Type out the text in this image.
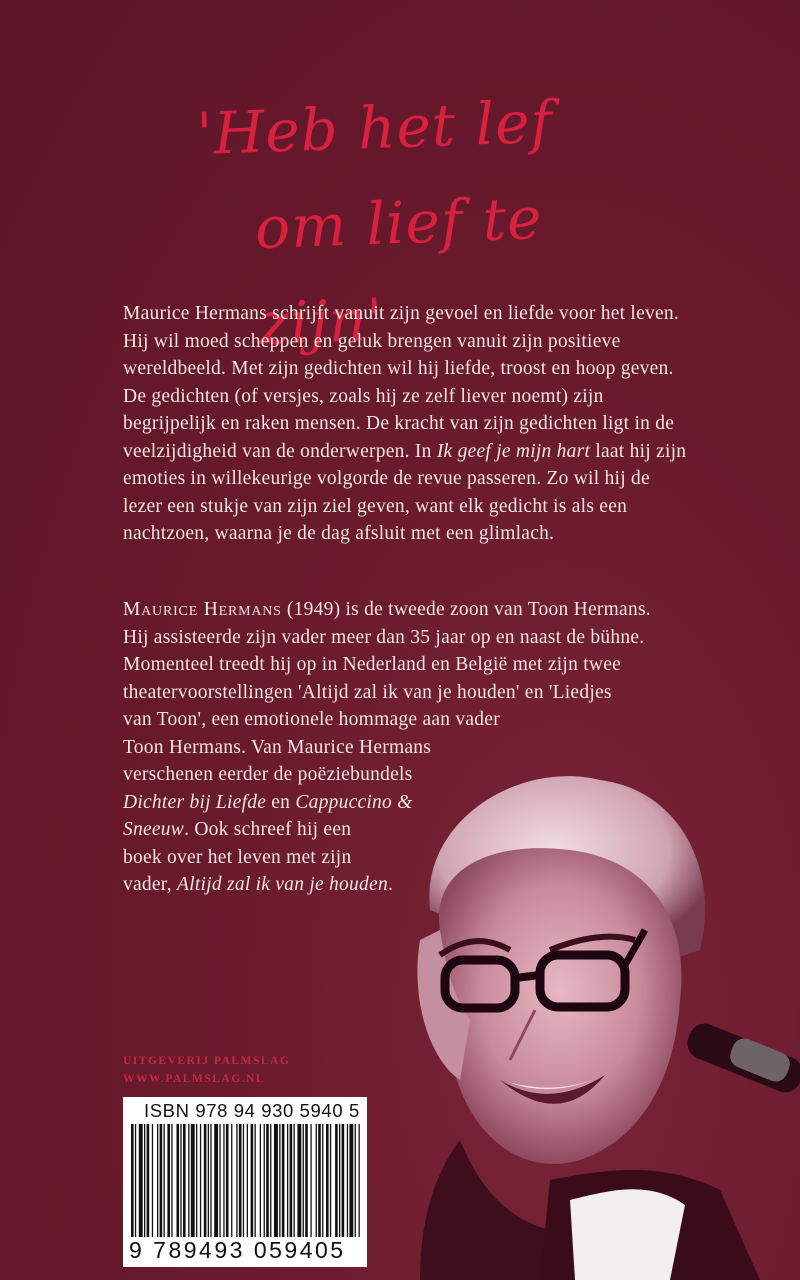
'Heb het lef
om lief te zijn'

Maurice Hermans schrijft vanuit zijn gevoel en liefde voor het leven. Hij wil moed scheppen en geluk brengen vanuit zijn positieve wereldbeeld. Met zijn gedichten wil hij liefde, troost en hoop geven. De gedichten (of versjes, zoals hij ze zelf liever noemt) zijn begrijpelijk en raken mensen. De kracht van zijn gedichten ligt in de veelzijdigheid van de onderwerpen. In Ik geef je mijn hart laat hij zijn emoties in willekeurige volgorde de revue passeren. Zo wil hij de lezer een stukje van zijn ziel geven, want elk gedicht is als een nachtzoen, waarna je de dag afsluit met een glimlach.

Maurice Hermans (1949) is de tweede zoon van Toon Hermans.
Hij assisteerde zijn vader meer dan 35 jaar op en naast de bühne.
Momenteel treedt hij op in Nederland en België met zijn twee
theatervoorstellingen 'Altijd zal ik van je houden' en 'Liedjes
van Toon', een emotionele hommage aan vader
Toon Hermans. Van Maurice Hermans
verschenen eerder de poëziebundels
Dichter bij Liefde en Cappuccino &
Sneeuw. Ook schreef hij een
boek over het leven met zijn
vader, Altijd zal ik van je houden.
UITGEVERIJ PALMSLAG
WWW.PALMSLAG.NL
ISBN 978 94 930 5940 5
9 789493 059405
